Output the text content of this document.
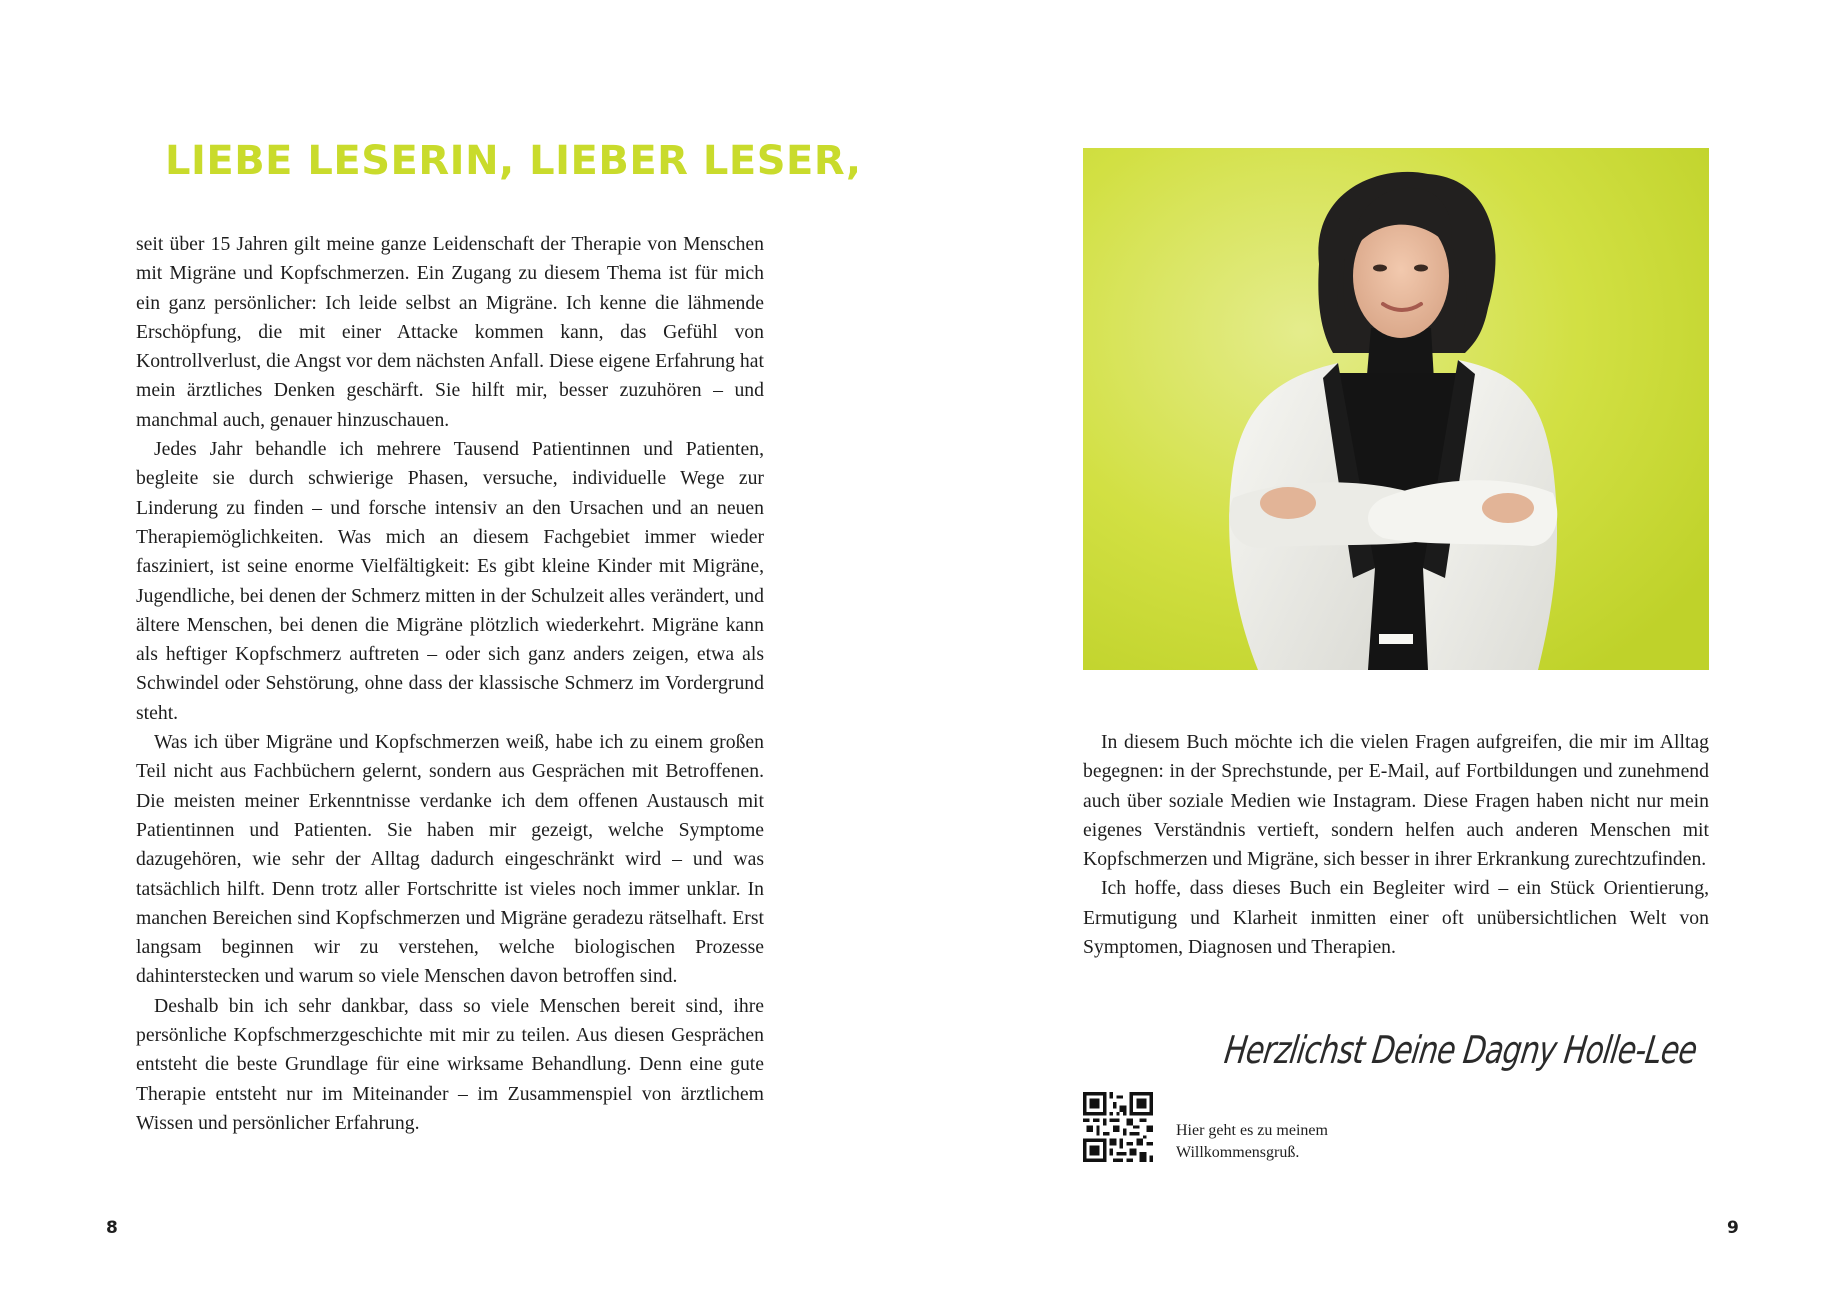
LIEBE LESERIN, LIEBER LESER,

seit über 15 Jahren gilt meine ganze Leidenschaft der Therapie von Menschen mit Migräne und Kopfschmerzen. Ein Zugang zu diesem Thema ist für mich ein ganz persönlicher: Ich leide selbst an Migräne. Ich kenne die lähmende Erschöpfung, die mit einer Attacke kommen kann, das Gefühl von Kontrollverlust, die Angst vor dem nächsten Anfall. Diese eigene Erfahrung hat mein ärztliches Denken geschärft. Sie hilft mir, besser zuzuhören – und manchmal auch, genauer hinzuschauen.

Jedes Jahr behandle ich mehrere Tausend Patientinnen und Patienten, begleite sie durch schwierige Phasen, versuche, individuelle Wege zur Linderung zu finden – und forsche intensiv an den Ursachen und an neuen Therapiemöglichkeiten. Was mich an diesem Fachgebiet immer wieder fasziniert, ist seine enorme Vielfältigkeit: Es gibt kleine Kinder mit Migräne, Jugendliche, bei denen der Schmerz mitten in der Schulzeit alles verändert, und ältere Menschen, bei denen die Migräne plötzlich wiederkehrt. Migräne kann als heftiger Kopfschmerz auftreten – oder sich ganz anders zeigen, etwa als Schwindel oder Sehstörung, ohne dass der klassische Schmerz im Vordergrund steht.

Was ich über Migräne und Kopfschmerzen weiß, habe ich zu einem großen Teil nicht aus Fachbüchern gelernt, sondern aus Gesprächen mit Betroffenen. Die meisten meiner Erkenntnisse verdanke ich dem offenen Austausch mit Patientinnen und Patienten. Sie haben mir gezeigt, welche Symptome dazugehören, wie sehr der Alltag dadurch eingeschränkt wird – und was tatsächlich hilft. Denn trotz aller Fortschritte ist vieles noch immer unklar. In manchen Bereichen sind Kopfschmerzen und Migräne geradezu rätselhaft. Erst langsam beginnen wir zu verstehen, welche biologischen Prozesse dahinterstecken und warum so viele Menschen davon betroffen sind.

Deshalb bin ich sehr dankbar, dass so viele Menschen bereit sind, ihre persönliche Kopfschmerzgeschichte mit mir zu teilen. Aus diesen Gesprächen entsteht die beste Grundlage für eine wirksame Behandlung. Denn eine gute Therapie entsteht nur im Miteinander – im Zusammenspiel von ärztlichem Wissen und persönlicher Erfahrung.

In diesem Buch möchte ich die vielen Fragen aufgreifen, die mir im Alltag begegnen: in der Sprechstunde, per E-Mail, auf Fortbildungen und zunehmend auch über soziale Medien wie Instagram. Diese Fragen haben nicht nur mein eigenes Verständnis vertieft, sondern helfen auch anderen Menschen mit Kopfschmerzen und Migräne, sich besser in ihrer Erkrankung zurechtzufinden.

Ich hoffe, dass dieses Buch ein Begleiter wird – ein Stück Orientierung, Ermutigung und Klarheit inmitten einer oft unübersichtlichen Welt von Symptomen, Diagnosen und Therapien.

Herzlichst Deine Dagny Holle-Lee
Hier geht es zu meinem
Willkommensgruß.
8	9
